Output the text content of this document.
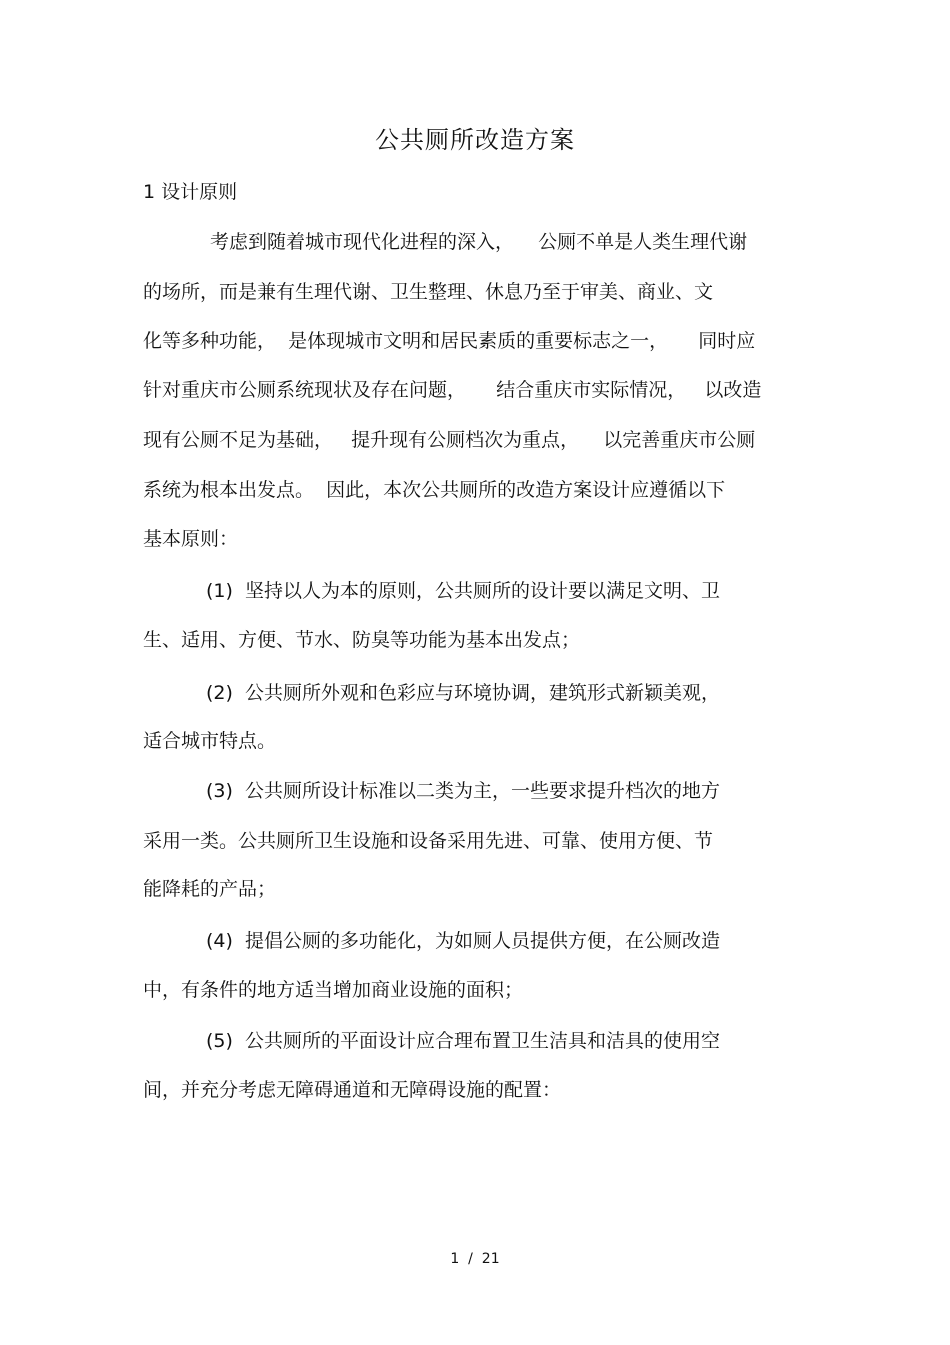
公共厕所改造方案
1 设计原则
考虑到随着城市现代化进程的深入，    公厕不单是人类生理代谢
的场所，而是兼有生理代谢、卫生整理、休息乃至于审美、商业、文
化等多种功能，  是体现城市文明和居民素质的重要标志之一，     同时应
针对重庆市公厕系统现状及存在问题，     结合重庆市实际情况，   以改造
现有公厕不足为基础，   提升现有公厕档次为重点，    以完善重庆市公厕
系统为根本出发点。  因此，本次公共厕所的改造方案设计应遵循以下
基本原则：
(1)  坚持以人为本的原则，公共厕所的设计要以满足文明、卫
生、适用、方便、节水、防臭等功能为基本出发点；
(2)  公共厕所外观和色彩应与环境协调，建筑形式新颖美观，
适合城市特点。
(3)  公共厕所设计标准以二类为主，一些要求提升档次的地方
采用一类。公共厕所卫生设施和设备采用先进、可靠、使用方便、节
能降耗的产品；
(4)  提倡公厕的多功能化，为如厕人员提供方便，在公厕改造
中，有条件的地方适当增加商业设施的面积；
(5)  公共厕所的平面设计应合理布置卫生洁具和洁具的使用空
间，并充分考虑无障碍通道和无障碍设施的配置：
1  /  21
